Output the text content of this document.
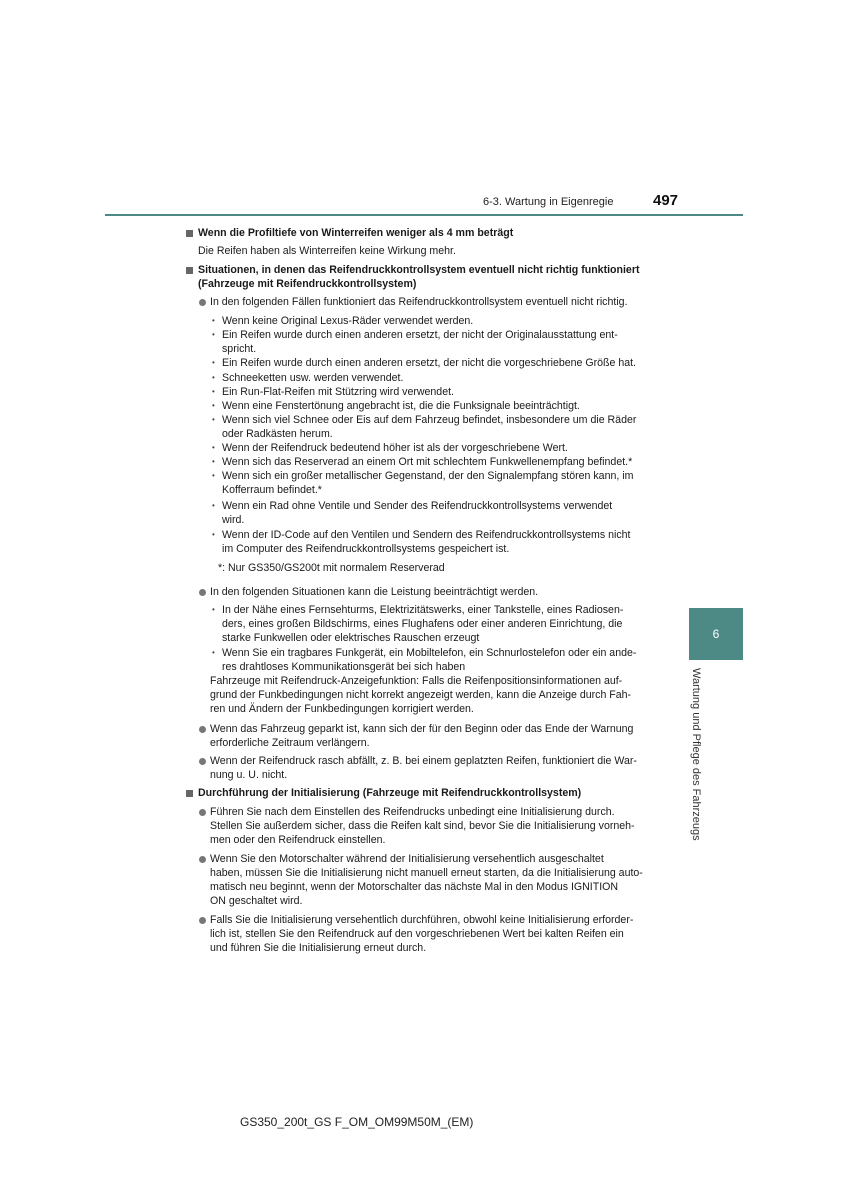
6-3. Wartung in Eigenregie	497
6
Wartung und Pflege des Fahrzeugs
Wenn die Profiltiefe von Winterreifen weniger als 4 mm beträgt
Die Reifen haben als Winterreifen keine Wirkung mehr.
Situationen, in denen das Reifendruckkontrollsystem eventuell nicht richtig funktioniert
(Fahrzeuge mit Reifendruckkontrollsystem)
In den folgenden Fällen funktioniert das Reifendruckkontrollsystem eventuell nicht richtig.
• Wenn keine Original Lexus-Räder verwendet werden.
• Ein Reifen wurde durch einen anderen ersetzt, der nicht der Originalausstattung ent-
spricht.
• Ein Reifen wurde durch einen anderen ersetzt, der nicht die vorgeschriebene Größe hat.
• Schneeketten usw. werden verwendet.
• Ein Run-Flat-Reifen mit Stützring wird verwendet.
• Wenn eine Fenstertönung angebracht ist, die die Funksignale beeinträchtigt.
• Wenn sich viel Schnee oder Eis auf dem Fahrzeug befindet, insbesondere um die Räder
oder Radkästen herum.
• Wenn der Reifendruck bedeutend höher ist als der vorgeschriebene Wert.
• Wenn sich das Reserverad an einem Ort mit schlechtem Funkwellenempfang befindet.*
• Wenn sich ein großer metallischer Gegenstand, der den Signalempfang stören kann, im
Kofferraum befindet.*
• Wenn ein Rad ohne Ventile und Sender des Reifendruckkontrollsystems verwendet
wird.
• Wenn der ID-Code auf den Ventilen und Sendern des Reifendruckkontrollsystems nicht
im Computer des Reifendruckkontrollsystems gespeichert ist.
*: Nur GS350/GS200t mit normalem Reserverad
In den folgenden Situationen kann die Leistung beeinträchtigt werden.
• In der Nähe eines Fernsehturms, Elektrizitätswerks, einer Tankstelle, eines Radiosen-
ders, eines großen Bildschirms, eines Flughafens oder einer anderen Einrichtung, die
starke Funkwellen oder elektrisches Rauschen erzeugt
• Wenn Sie ein tragbares Funkgerät, ein Mobiltelefon, ein Schnurlostelefon oder ein ande-
res drahtloses Kommunikationsgerät bei sich haben
Fahrzeuge mit Reifendruck-Anzeigefunktion: Falls die Reifenpositionsinformationen auf-
grund der Funkbedingungen nicht korrekt angezeigt werden, kann die Anzeige durch Fah-
ren und Ändern der Funkbedingungen korrigiert werden.
Wenn das Fahrzeug geparkt ist, kann sich der für den Beginn oder das Ende der Warnung
erforderliche Zeitraum verlängern.
Wenn der Reifendruck rasch abfällt, z. B. bei einem geplatzten Reifen, funktioniert die War-
nung u. U. nicht.
Durchführung der Initialisierung (Fahrzeuge mit Reifendruckkontrollsystem)
Führen Sie nach dem Einstellen des Reifendrucks unbedingt eine Initialisierung durch.
Stellen Sie außerdem sicher, dass die Reifen kalt sind, bevor Sie die Initialisierung vorneh-
men oder den Reifendruck einstellen.
Wenn Sie den Motorschalter während der Initialisierung versehentlich ausgeschaltet
haben, müssen Sie die Initialisierung nicht manuell erneut starten, da die Initialisierung auto-
matisch neu beginnt, wenn der Motorschalter das nächste Mal in den Modus IGNITION
ON geschaltet wird.
Falls Sie die Initialisierung versehentlich durchführen, obwohl keine Initialisierung erforder-
lich ist, stellen Sie den Reifendruck auf den vorgeschriebenen Wert bei kalten Reifen ein
und führen Sie die Initialisierung erneut durch.
GS350_200t_GS F_OM_OM99M50M_(EM)
